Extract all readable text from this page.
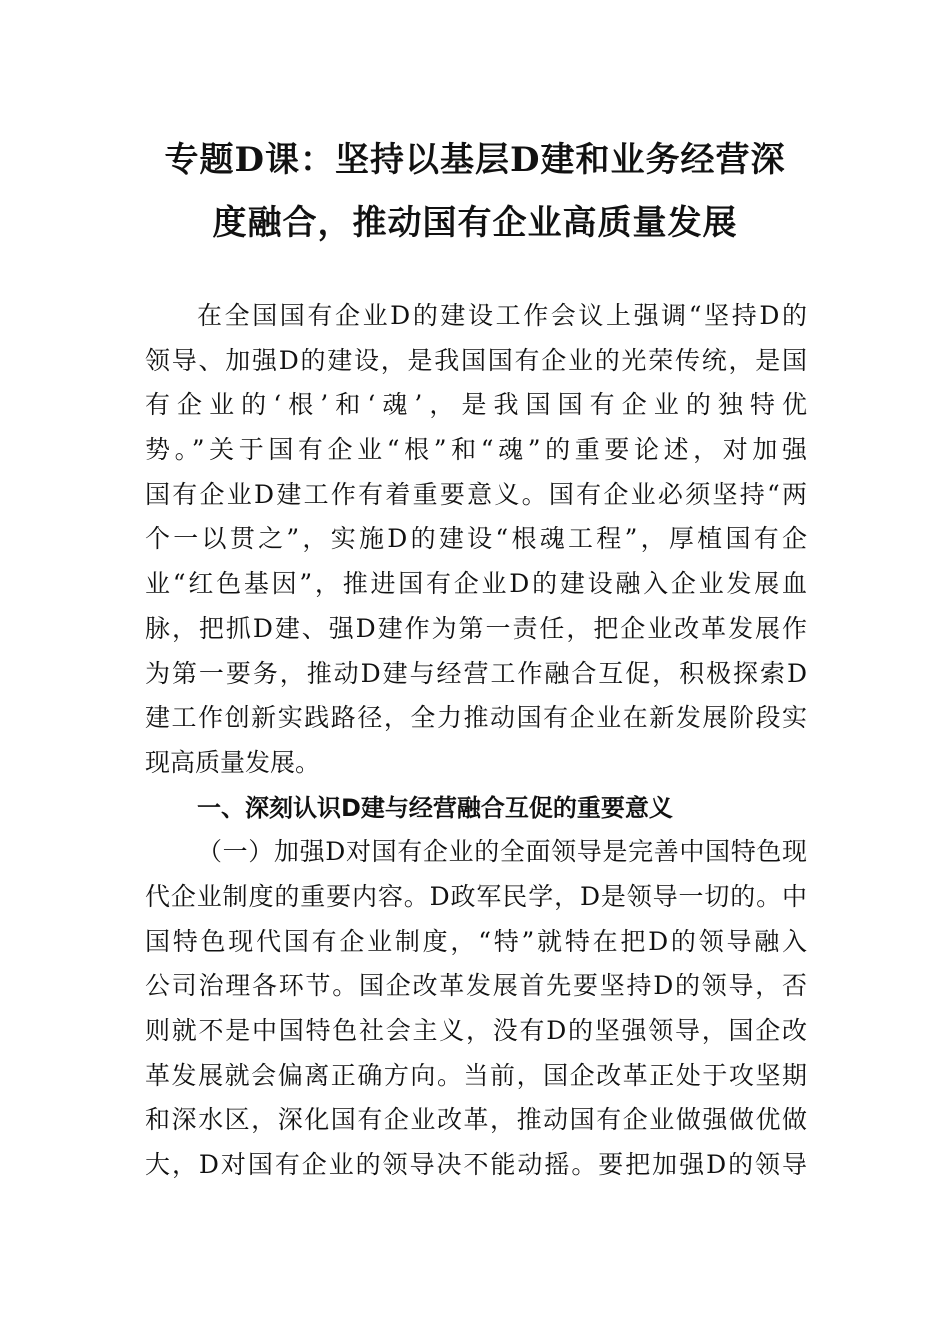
专题D课：坚持以基层D建和业务经营深
度融合，推动国有企业高质量发展
在全国国有企业D的建设工作会议上强调“坚持D的
领导、加强D的建设，是我国国有企业的光荣传统，是国
有企业的‘根’和‘魂’，是我国国有企业的独特优
势。”关于国有企业“根”和“魂”的重要论述，对加强
国有企业D建工作有着重要意义。国有企业必须坚持“两
个一以贯之”，实施D的建设“根魂工程”，厚植国有企
业“红色基因”，推进国有企业D的建设融入企业发展血
脉，把抓D建、强D建作为第一责任，把企业改革发展作
为第一要务，推动D建与经营工作融合互促，积极探索D
建工作创新实践路径，全力推动国有企业在新发展阶段实
现高质量发展。
一、深刻认识D建与经营融合互促的重要意义
（一）加强D对国有企业的全面领导是完善中国特色现
代企业制度的重要内容。D政军民学，D是领导一切的。中
国特色现代国有企业制度，“特”就特在把D的领导融入
公司治理各环节。国企改革发展首先要坚持D的领导，否
则就不是中国特色社会主义，没有D的坚强领导，国企改
革发展就会偏离正确方向。当前，国企改革正处于攻坚期
和深水区，深化国有企业改革，推动国有企业做强做优做
大，D对国有企业的领导决不能动摇。要把加强D的领导
